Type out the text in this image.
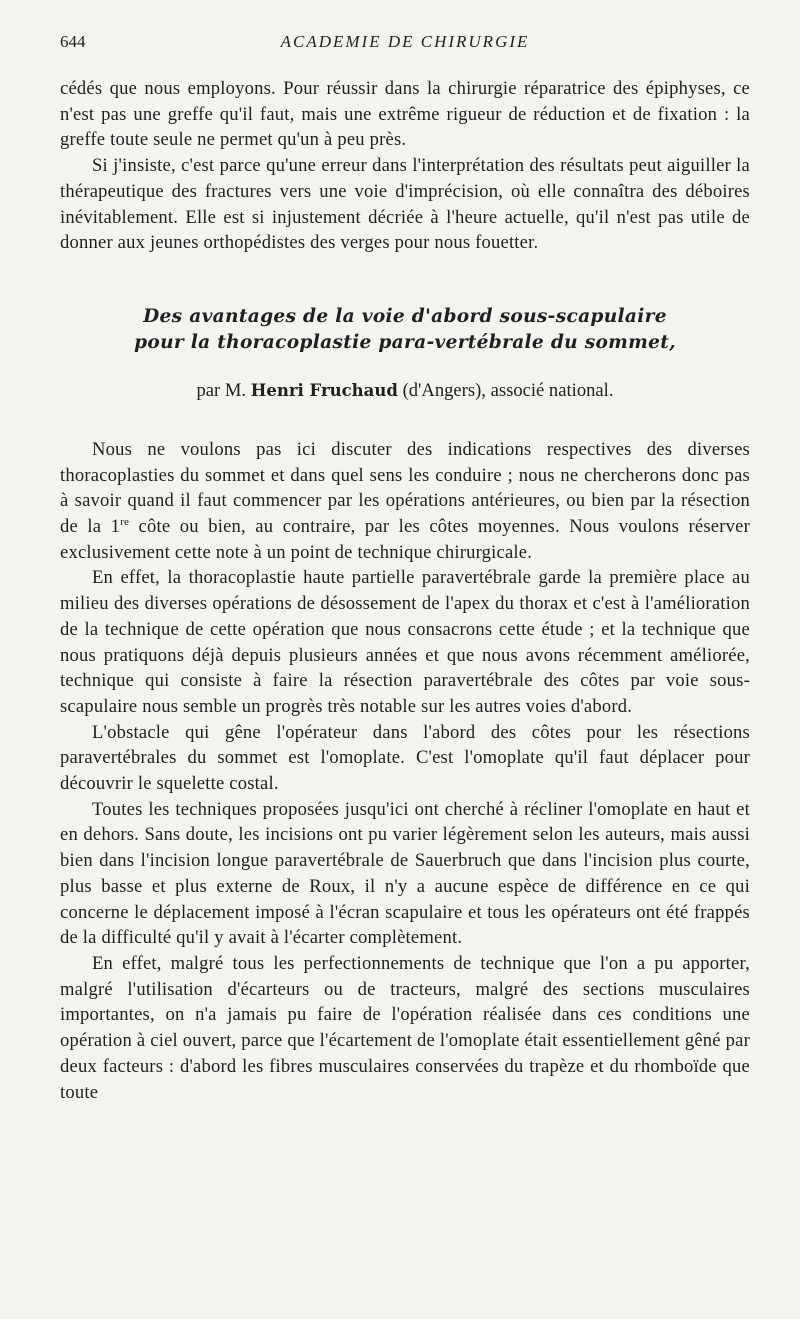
644	ACADEMIE DE CHIRURGIE

cédés que nous employons. Pour réussir dans la chirurgie réparatrice des épiphyses, ce n'est pas une greffe qu'il faut, mais une extrême rigueur de réduction et de fixation : la greffe toute seule ne permet qu'un à peu près.

Si j'insiste, c'est parce qu'une erreur dans l'interprétation des résultats peut aiguiller la thérapeutique des fractures vers une voie d'imprécision, où elle connaîtra des déboires inévitablement. Elle est si injustement décriée à l'heure actuelle, qu'il n'est pas utile de donner aux jeunes orthopédistes des verges pour nous fouetter.

Des avantages de la voie d'abord sous-scapulaire
pour la thoracoplastie para-vertébrale du sommet,
par M. Henri Fruchaud (d'Angers), associé national.

Nous ne voulons pas ici discuter des indications respectives des diverses thoracoplasties du sommet et dans quel sens les conduire ; nous ne chercherons donc pas à savoir quand il faut commencer par les opérations antérieures, ou bien par la résection de la 1re côte ou bien, au contraire, par les côtes moyennes. Nous voulons réserver exclusivement cette note à un point de technique chirurgicale.

En effet, la thoracoplastie haute partielle paravertébrale garde la première place au milieu des diverses opérations de désossement de l'apex du thorax et c'est à l'amélioration de la technique de cette opération que nous consacrons cette étude ; et la technique que nous pratiquons déjà depuis plusieurs années et que nous avons récemment améliorée, technique qui consiste à faire la résection paravertébrale des côtes par voie sous-scapulaire nous semble un progrès très notable sur les autres voies d'abord.

L'obstacle qui gêne l'opérateur dans l'abord des côtes pour les résections paravertébrales du sommet est l'omoplate. C'est l'omoplate qu'il faut déplacer pour découvrir le squelette costal.

Toutes les techniques proposées jusqu'ici ont cherché à récliner l'omoplate en haut et en dehors. Sans doute, les incisions ont pu varier légèrement selon les auteurs, mais aussi bien dans l'incision longue paravertébrale de Sauerbruch que dans l'incision plus courte, plus basse et plus externe de Roux, il n'y a aucune espèce de différence en ce qui concerne le déplacement imposé à l'écran scapulaire et tous les opérateurs ont été frappés de la difficulté qu'il y avait à l'écarter complètement.

En effet, malgré tous les perfectionnements de technique que l'on a pu apporter, malgré l'utilisation d'écarteurs ou de tracteurs, malgré des sections musculaires importantes, on n'a jamais pu faire de l'opération réalisée dans ces conditions une opération à ciel ouvert, parce que l'écartement de l'omoplate était essentiellement gêné par deux facteurs : d'abord les fibres musculaires conservées du trapèze et du rhomboïde que toute
